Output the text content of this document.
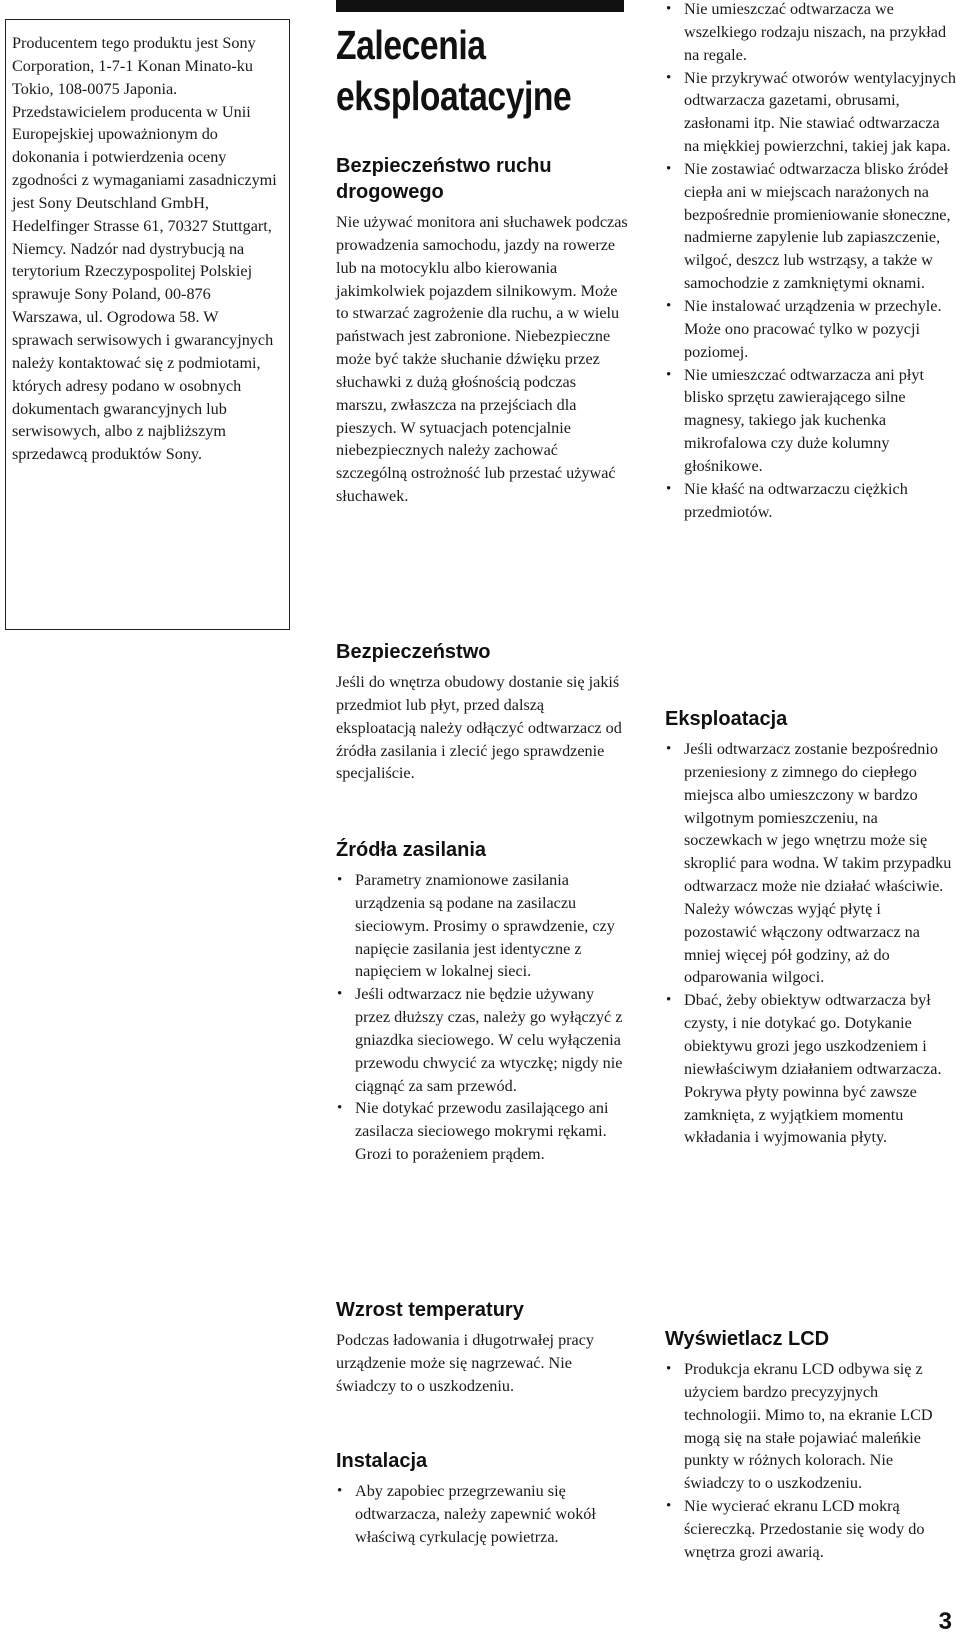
Producentem tego produktu jest Sony Corporation, 1-7-1 Konan Minato-ku Tokio, 108-0075 Japonia. Przedstawicielem producenta w Unii Europejskiej upoważnionym do dokonania i potwierdzenia oceny zgodności z wymaganiami zasadniczymi jest Sony Deutschland GmbH, Hedelfinger Strasse 61, 70327 Stuttgart, Niemcy. Nadzór nad dystrybucją na terytorium Rzeczypospolitej Polskiej sprawuje Sony Poland, 00-876 Warszawa, ul. Ogrodowa 58. W sprawach serwisowych i gwarancyjnych należy kontaktować się z podmiotami, których adresy podano w osobnych dokumentach gwarancyjnych lub serwisowych, albo z najbliższym sprzedawcą produktów Sony.

Zalecenia eksploatacyjne
Bezpieczeństwo ruchu drogowego

Nie używać monitora ani słuchawek podczas prowadzenia samochodu, jazdy na rowerze lub na motocyklu albo kierowania jakimkolwiek pojazdem silnikowym. Może to stwarzać zagrożenie dla ruchu, a w wielu państwach jest zabronione. Niebezpieczne może być także słuchanie dźwięku przez słuchawki z dużą głośnością podczas marszu, zwłaszcza na przejściach dla pieszych. W sytuacjach potencjalnie niebezpiecznych należy zachować szczególną ostrożność lub przestać używać słuchawek.

Bezpieczeństwo

Jeśli do wnętrza obudowy dostanie się jakiś przedmiot lub płyt, przed dalszą eksploatacją należy odłączyć odtwarzacz od źródła zasilania i zlecić jego sprawdzenie specjaliście.

Źródła zasilania
• Parametry znamionowe zasilania urządzenia są podane na zasilaczu sieciowym. Prosimy o sprawdzenie, czy napięcie zasilania jest identyczne z napięciem w lokalnej sieci.
• Jeśli odtwarzacz nie będzie używany przez dłuższy czas, należy go wyłączyć z gniazdka sieciowego. W celu wyłączenia przewodu chwycić za wtyczkę; nigdy nie ciągnąć za sam przewód.
• Nie dotykać przewodu zasilającego ani zasilacza sieciowego mokrymi rękami. Grozi to porażeniem prądem.
Wzrost temperatury

Podczas ładowania i długotrwałej pracy urządzenie może się nagrzewać. Nie świadczy to o uszkodzeniu.

Instalacja
• Aby zapobiec przegrzewaniu się odtwarzacza, należy zapewnić wokół właściwą cyrkulację powietrza.
• Nie umieszczać odtwarzacza we wszelkiego rodzaju niszach, na przykład na regale.
• Nie przykrywać otworów wentylacyjnych odtwarzacza gazetami, obrusami, zasłonami itp. Nie stawiać odtwarzacza na miękkiej powierzchni, takiej jak kapa.
• Nie zostawiać odtwarzacza blisko źródeł ciepła ani w miejscach narażonych na bezpośrednie promieniowanie słoneczne, nadmierne zapylenie lub zapiaszczenie, wilgoć, deszcz lub wstrząsy, a także w samochodzie z zamkniętymi oknami.
• Nie instalować urządzenia w przechyle. Może ono pracować tylko w pozycji poziomej.
• Nie umieszczać odtwarzacza ani płyt blisko sprzętu zawierającego silne magnesy, takiego jak kuchenka mikrofalowa czy duże kolumny głośnikowe.
• Nie kłaść na odtwarzaczu ciężkich przedmiotów.
Eksploatacja
• Jeśli odtwarzacz zostanie bezpośrednio przeniesiony z zimnego do ciepłego miejsca albo umieszczony w bardzo wilgotnym pomieszczeniu, na soczewkach w jego wnętrzu może się skroplić para wodna. W takim przypadku odtwarzacz może nie działać właściwie. Należy wówczas wyjąć płytę i pozostawić włączony odtwarzacz na mniej więcej pół godziny, aż do odparowania wilgoci.
• Dbać, żeby obiektyw odtwarzacza był czysty, i nie dotykać go. Dotykanie obiektywu grozi jego uszkodzeniem i niewłaściwym działaniem odtwarzacza. Pokrywa płyty powinna być zawsze zamknięta, z wyjątkiem momentu wkładania i wyjmowania płyty.
Wyświetlacz LCD
• Produkcja ekranu LCD odbywa się z użyciem bardzo precyzyjnych technologii. Mimo to, na ekranie LCD mogą się na stałe pojawiać maleńkie punkty w różnych kolorach. Nie świadczy to o uszkodzeniu.
• Nie wycierać ekranu LCD mokrą ściereczką. Przedostanie się wody do wnętrza grozi awarią.
3
